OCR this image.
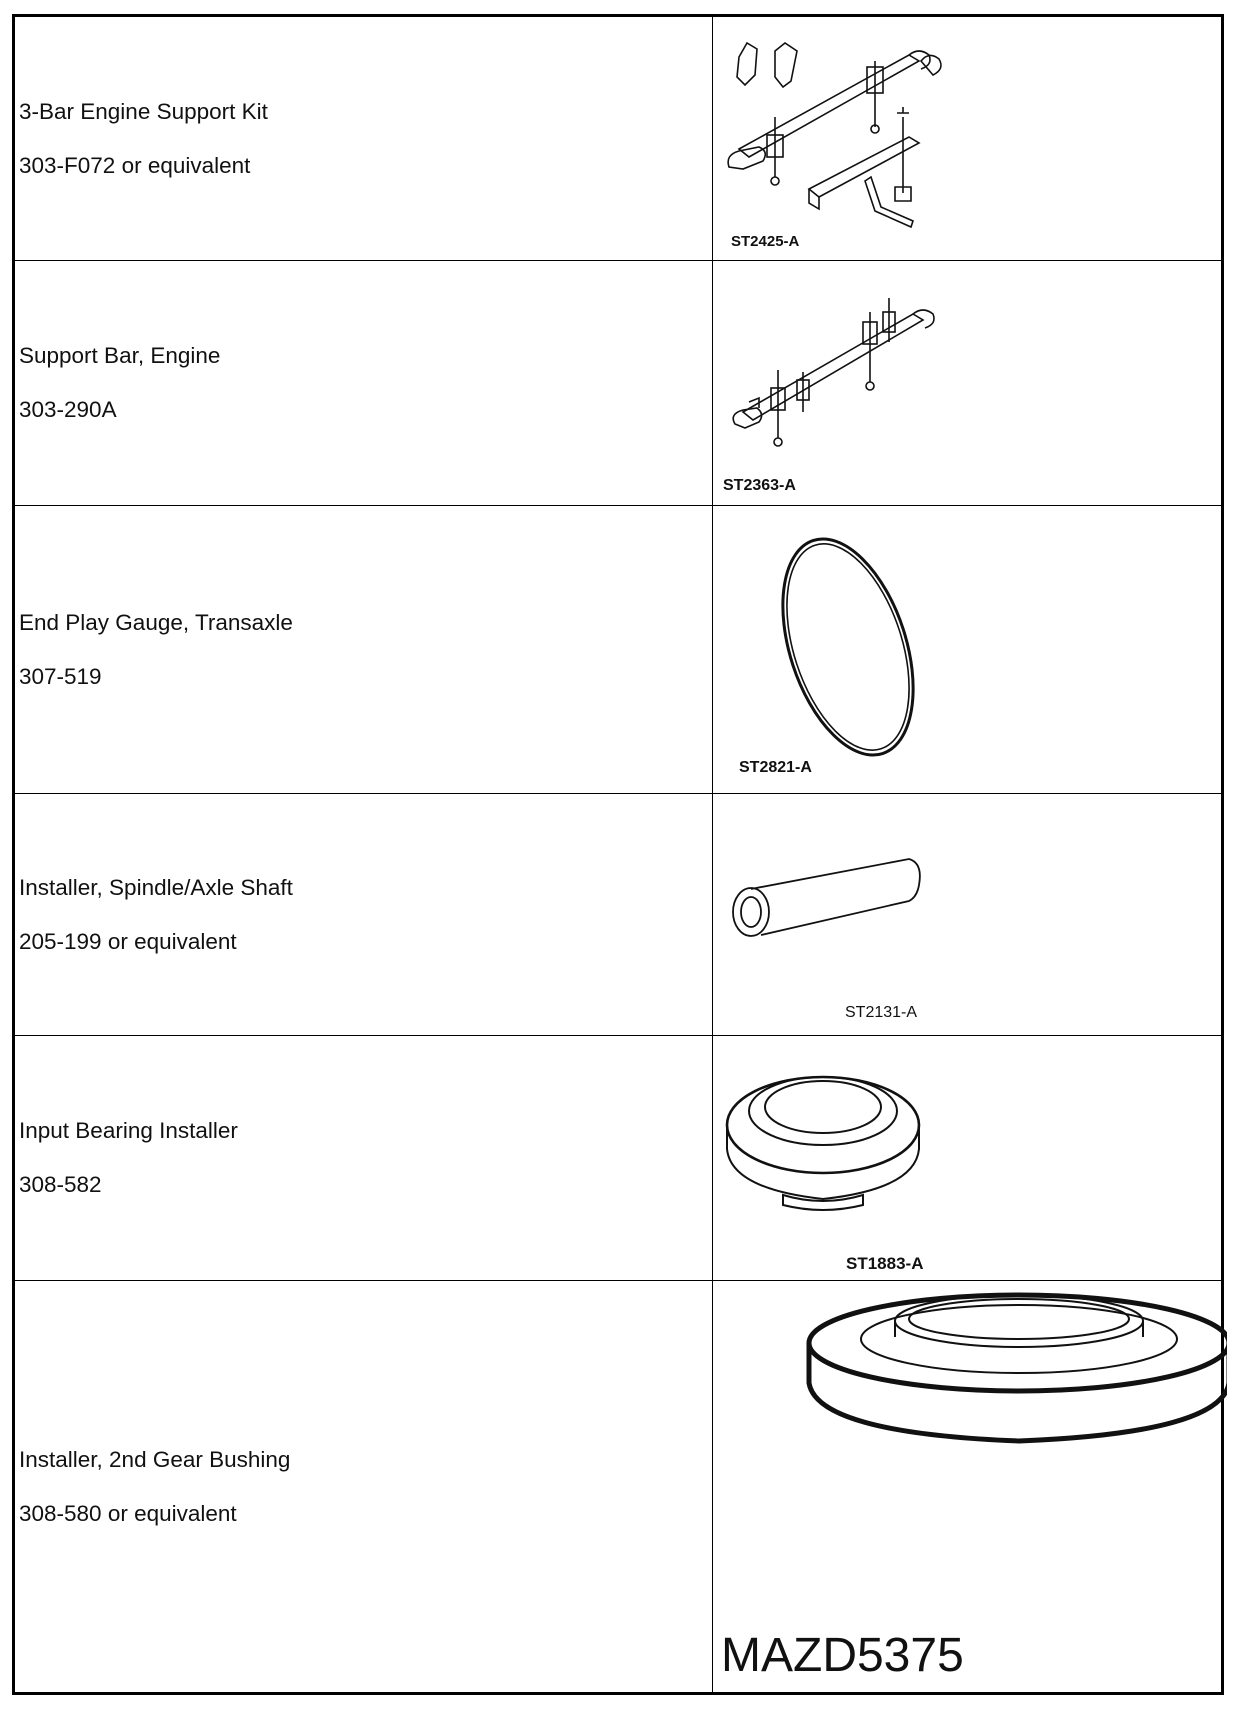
3-Bar Engine Support Kit
303-F072 or equivalent	ST2425-A

Support Bar, Engine
303-290A	ST2363-A

End Play Gauge, Transaxle
307-519	ST2821-A

Installer, Spindle/Axle Shaft
205-199 or equivalent	ST2131-A

Input Bearing Installer
308-582	ST1883-A

Installer, 2nd Gear Bushing
308-580 or equivalent	MAZD5375
